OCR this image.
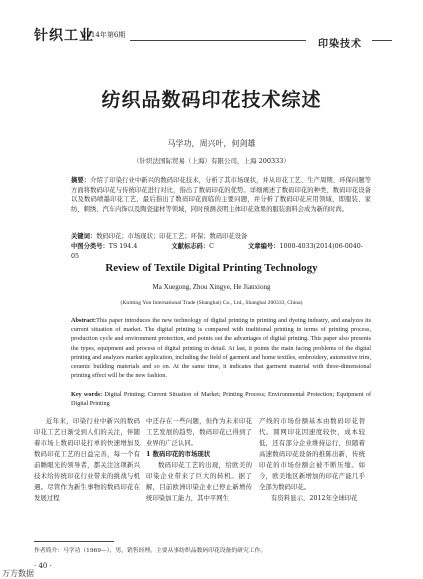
针织工业
2014年第6期
印染技术
纺织品数码印花技术综述
马学功，周兴叶，何剑雄
（针织法国际贸易（上海）有限公司，上海 200333）
摘要：介绍了印染行业中新兴的数码印花技术，分析了其市场现状，并从印花工艺、生产周期、环保问题等方面将数码印花与传统印花进行对比，指出了数码印花的优势。详细阐述了数码印花的种类、数码印花设备以及数码喷墨印花工艺，最后指出了数码印花面临的主要问题，并分析了数码印花应用领域，即服装、家纺、刺绣、汽车内饰以及陶瓷建材等领域，同时预测表明主体印花效果的服装面料会成为新的时尚。
关键词：数码印花；市场现状；印花工艺；环保；数码印花设备
中图分类号：TS 194.4	文献标志码：C	文章编号：1000-4033(2014)06-0040-05
Review of Textile Digital Printing Technology
Ma Xuegong, Zhou Xingye, He Jianxiong
(Knitting Yon International Trade (Shanghai) Co., Ltd., Shanghai 200333, China)
Abstract:This paper introduces the new technology of digital printing in printing and dyeing industry, and analyzes its current situation of market. The digital printing is compared with traditional printing in terms of printing process, production cycle and environment protection, and points out the advantages of digital printing. This paper also presents the types, equipment and process of digital printing in detail. At last, it points the main facing problems of the digital printing and analyzes market application, including the field of garment and home textiles, embroidery, automotive trim, ceramic building materials and so on. At the same time, it indicates that garment material with three-dimensional printing effect will be the new fashion.
Key words: Digital Printing; Current Situation of Market; Printing Process; Environmental Protection; Equipment of Digital Printing

近年来，印染行业中新兴的数码印花工艺日渐受到人们的关注，伴随着市场上数码印花打单的快速增加及数码印花工艺的日益完善，每一个有前瞻眼光的领导者，都关注这项新兴技术给传统印花行业带来的挑战与机遇。尽管作为新生事物的数码印花在发展过程

中还存在一些问题，但作为未来印花工艺发展的趋势，数码印花已得到了业界的广泛认同。

1 数码印花的市场现状

数码印花工艺的出现，给欧美的印染企业带来了巨大的转机。据了解，目前欧洲印染企业已停止新增传统印染加工能力，其中平网生

产线的市场份额基本由数码印花替代。圆网印花因速度较快，成本较低，还有部分企业维持运行，但随着高速数码印花设备的推陈出新，传统印花的市场份额会被不断压缩。如今，欧美地区新增加的印花产能几乎全部为数码印花。

有资料显示，2012年全球印花

作者简介：马学功（1969—），男，销售经理。主要从事纺织品数码印花设备的研究工作。
· 40 ·
万方数据
